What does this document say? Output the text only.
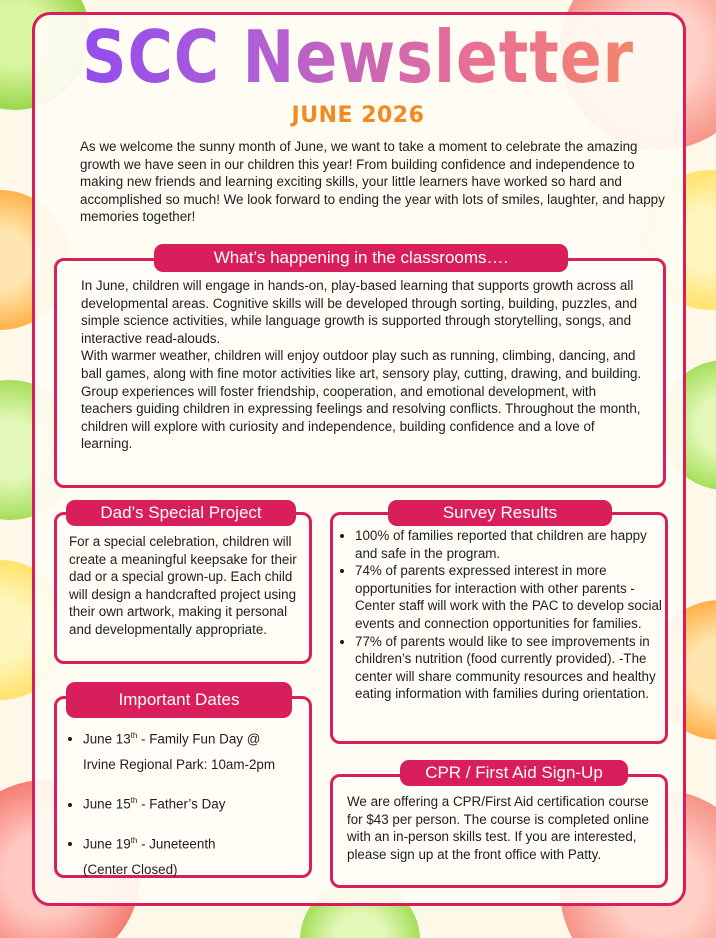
SCC Newsletter
JUNE 2026
As we welcome the sunny month of June, we want to take a moment to celebrate the amazing growth we have seen in our children this year! From building confidence and independence to making new friends and learning exciting skills, your little learners have worked so hard and accomplished so much! We look forward to ending the year with lots of smiles, laughter, and happy memories together!
In June, children will engage in hands-on, play-based learning that supports growth across all developmental areas. Cognitive skills will be developed through sorting, building, puzzles, and simple science activities, while language growth is supported through storytelling, songs, and interactive read-alouds.
With warmer weather, children will enjoy outdoor play such as running, climbing, dancing, and ball games, along with fine motor activities like art, sensory play, cutting, drawing, and building.
Group experiences will foster friendship, cooperation, and emotional development, with teachers guiding children in expressing feelings and resolving conflicts. Throughout the month, children will explore with curiosity and independence, building confidence and a love of learning.
What’s happening in the classrooms….
For a special celebration, children will create a meaningful keepsake for their dad or a special grown-up. Each child will design a handcrafted project using their own artwork, making it personal and developmentally appropriate.
Dad’s Special Project
• June 13th - Family Fun Day @
Irvine Regional Park: 10am-2pm
• June 15th - Father’s Day
• June 19th - Juneteenth
(Center Closed)
Important Dates
• 100% of families reported that children are happy and safe in the program.
• 74% of parents expressed interest in more opportunities for interaction with other parents - Center staff will work with the PAC to develop social events and connection opportunities for families.
• 77% of parents would like to see improvements in children’s nutrition (food currently provided). -The center will share community resources and healthy eating information with families during orientation.
Survey Results
We are offering a CPR/First Aid certification course for $43 per person. The course is completed online with an in-person skills test. If you are interested, please sign up at the front office with Patty.
CPR / First Aid Sign-Up
